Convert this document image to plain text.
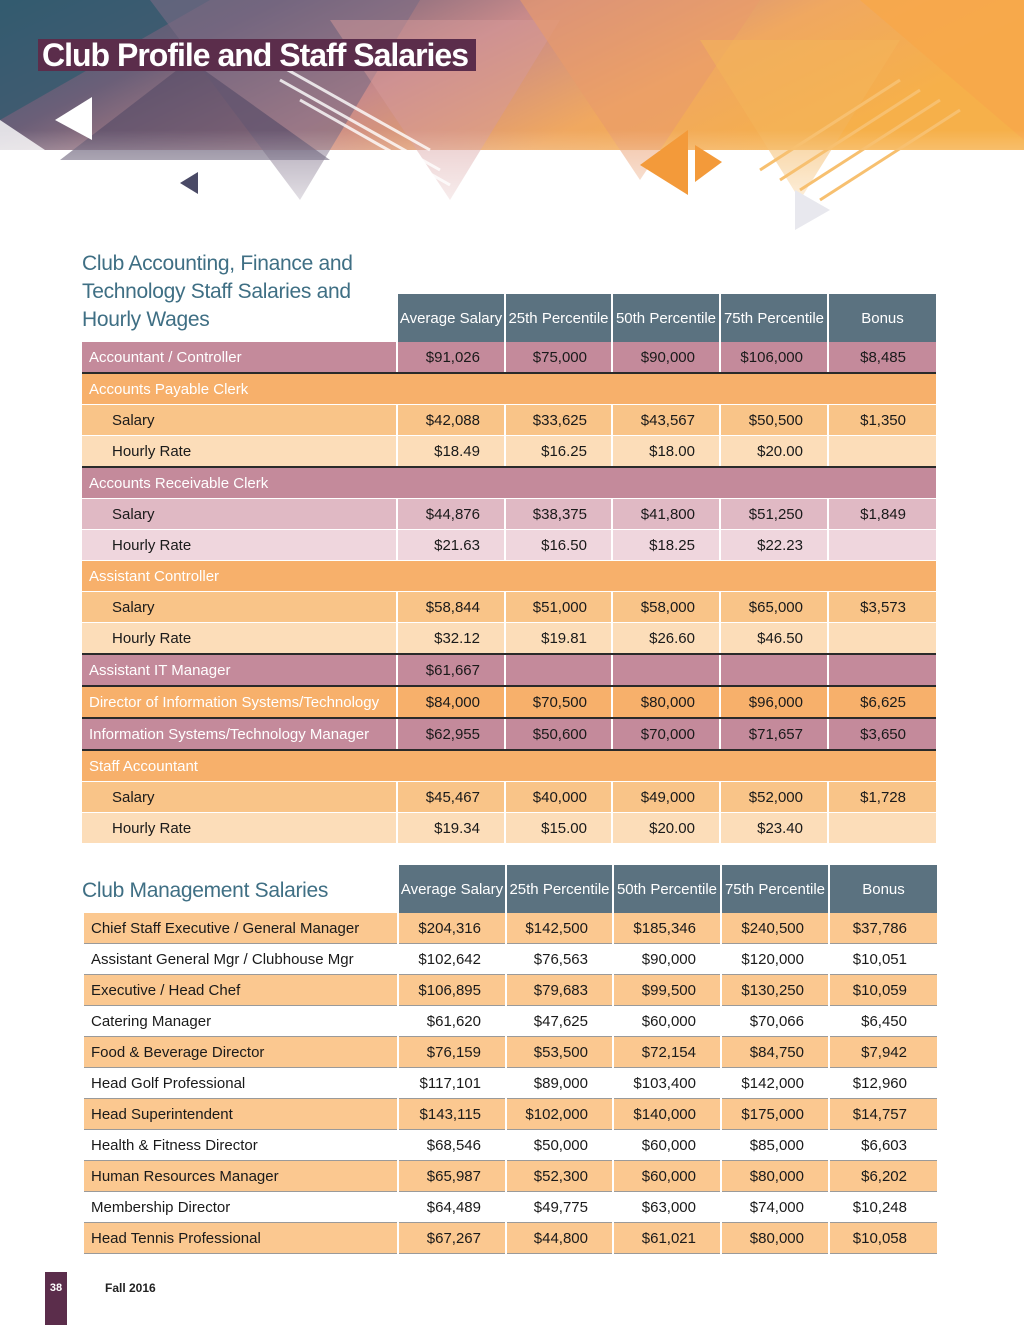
Club Profile and Staff Salaries
Club Accounting, Finance and Technology Staff Salaries and Hourly Wages
		Average Salary	25th Percentile	50th Percentile	75th Percentile	Bonus
Accountant / Controller	$91,026	$75,000	$90,000	$106,000	$8,485
Accounts Payable Clerk					
Salary	$42,088	$33,625	$43,567	$50,500	$1,350
Hourly Rate	$18.49	$16.25	$18.00	$20.00	
Accounts Receivable Clerk					
Salary	$44,876	$38,375	$41,800	$51,250	$1,849
Hourly Rate	$21.63	$16.50	$18.25	$22.23	
Assistant Controller					
Salary	$58,844	$51,000	$58,000	$65,000	$3,573
Hourly Rate	$32.12	$19.81	$26.60	$46.50	
Assistant IT Manager	$61,667				
Director of Information Systems/Technology	$84,000	$70,500	$80,000	$96,000	$6,625
Information Systems/Technology Manager	$62,955	$50,600	$70,000	$71,657	$3,650
Staff Accountant					
Salary	$45,467	$40,000	$49,000	$52,000	$1,728
Hourly Rate	$19.34	$15.00	$20.00	$23.40	
Club Management Salaries
		Average Salary	25th Percentile	50th Percentile	75th Percentile	Bonus
Chief Staff Executive / General Manager	$204,316	$142,500	$185,346	$240,500	$37,786
Assistant General Mgr / Clubhouse Mgr	$102,642	$76,563	$90,000	$120,000	$10,051
Executive / Head Chef	$106,895	$79,683	$99,500	$130,250	$10,059
Catering Manager	$61,620	$47,625	$60,000	$70,066	$6,450
Food & Beverage Director	$76,159	$53,500	$72,154	$84,750	$7,942
Head Golf Professional	$117,101	$89,000	$103,400	$142,000	$12,960
Head Superintendent	$143,115	$102,000	$140,000	$175,000	$14,757
Health & Fitness Director	$68,546	$50,000	$60,000	$85,000	$6,603
Human Resources Manager	$65,987	$52,300	$60,000	$80,000	$6,202
Membership Director	$64,489	$49,775	$63,000	$74,000	$10,248
Head Tennis Professional	$67,267	$44,800	$61,021	$80,000	$10,058
38	Fall 2016
